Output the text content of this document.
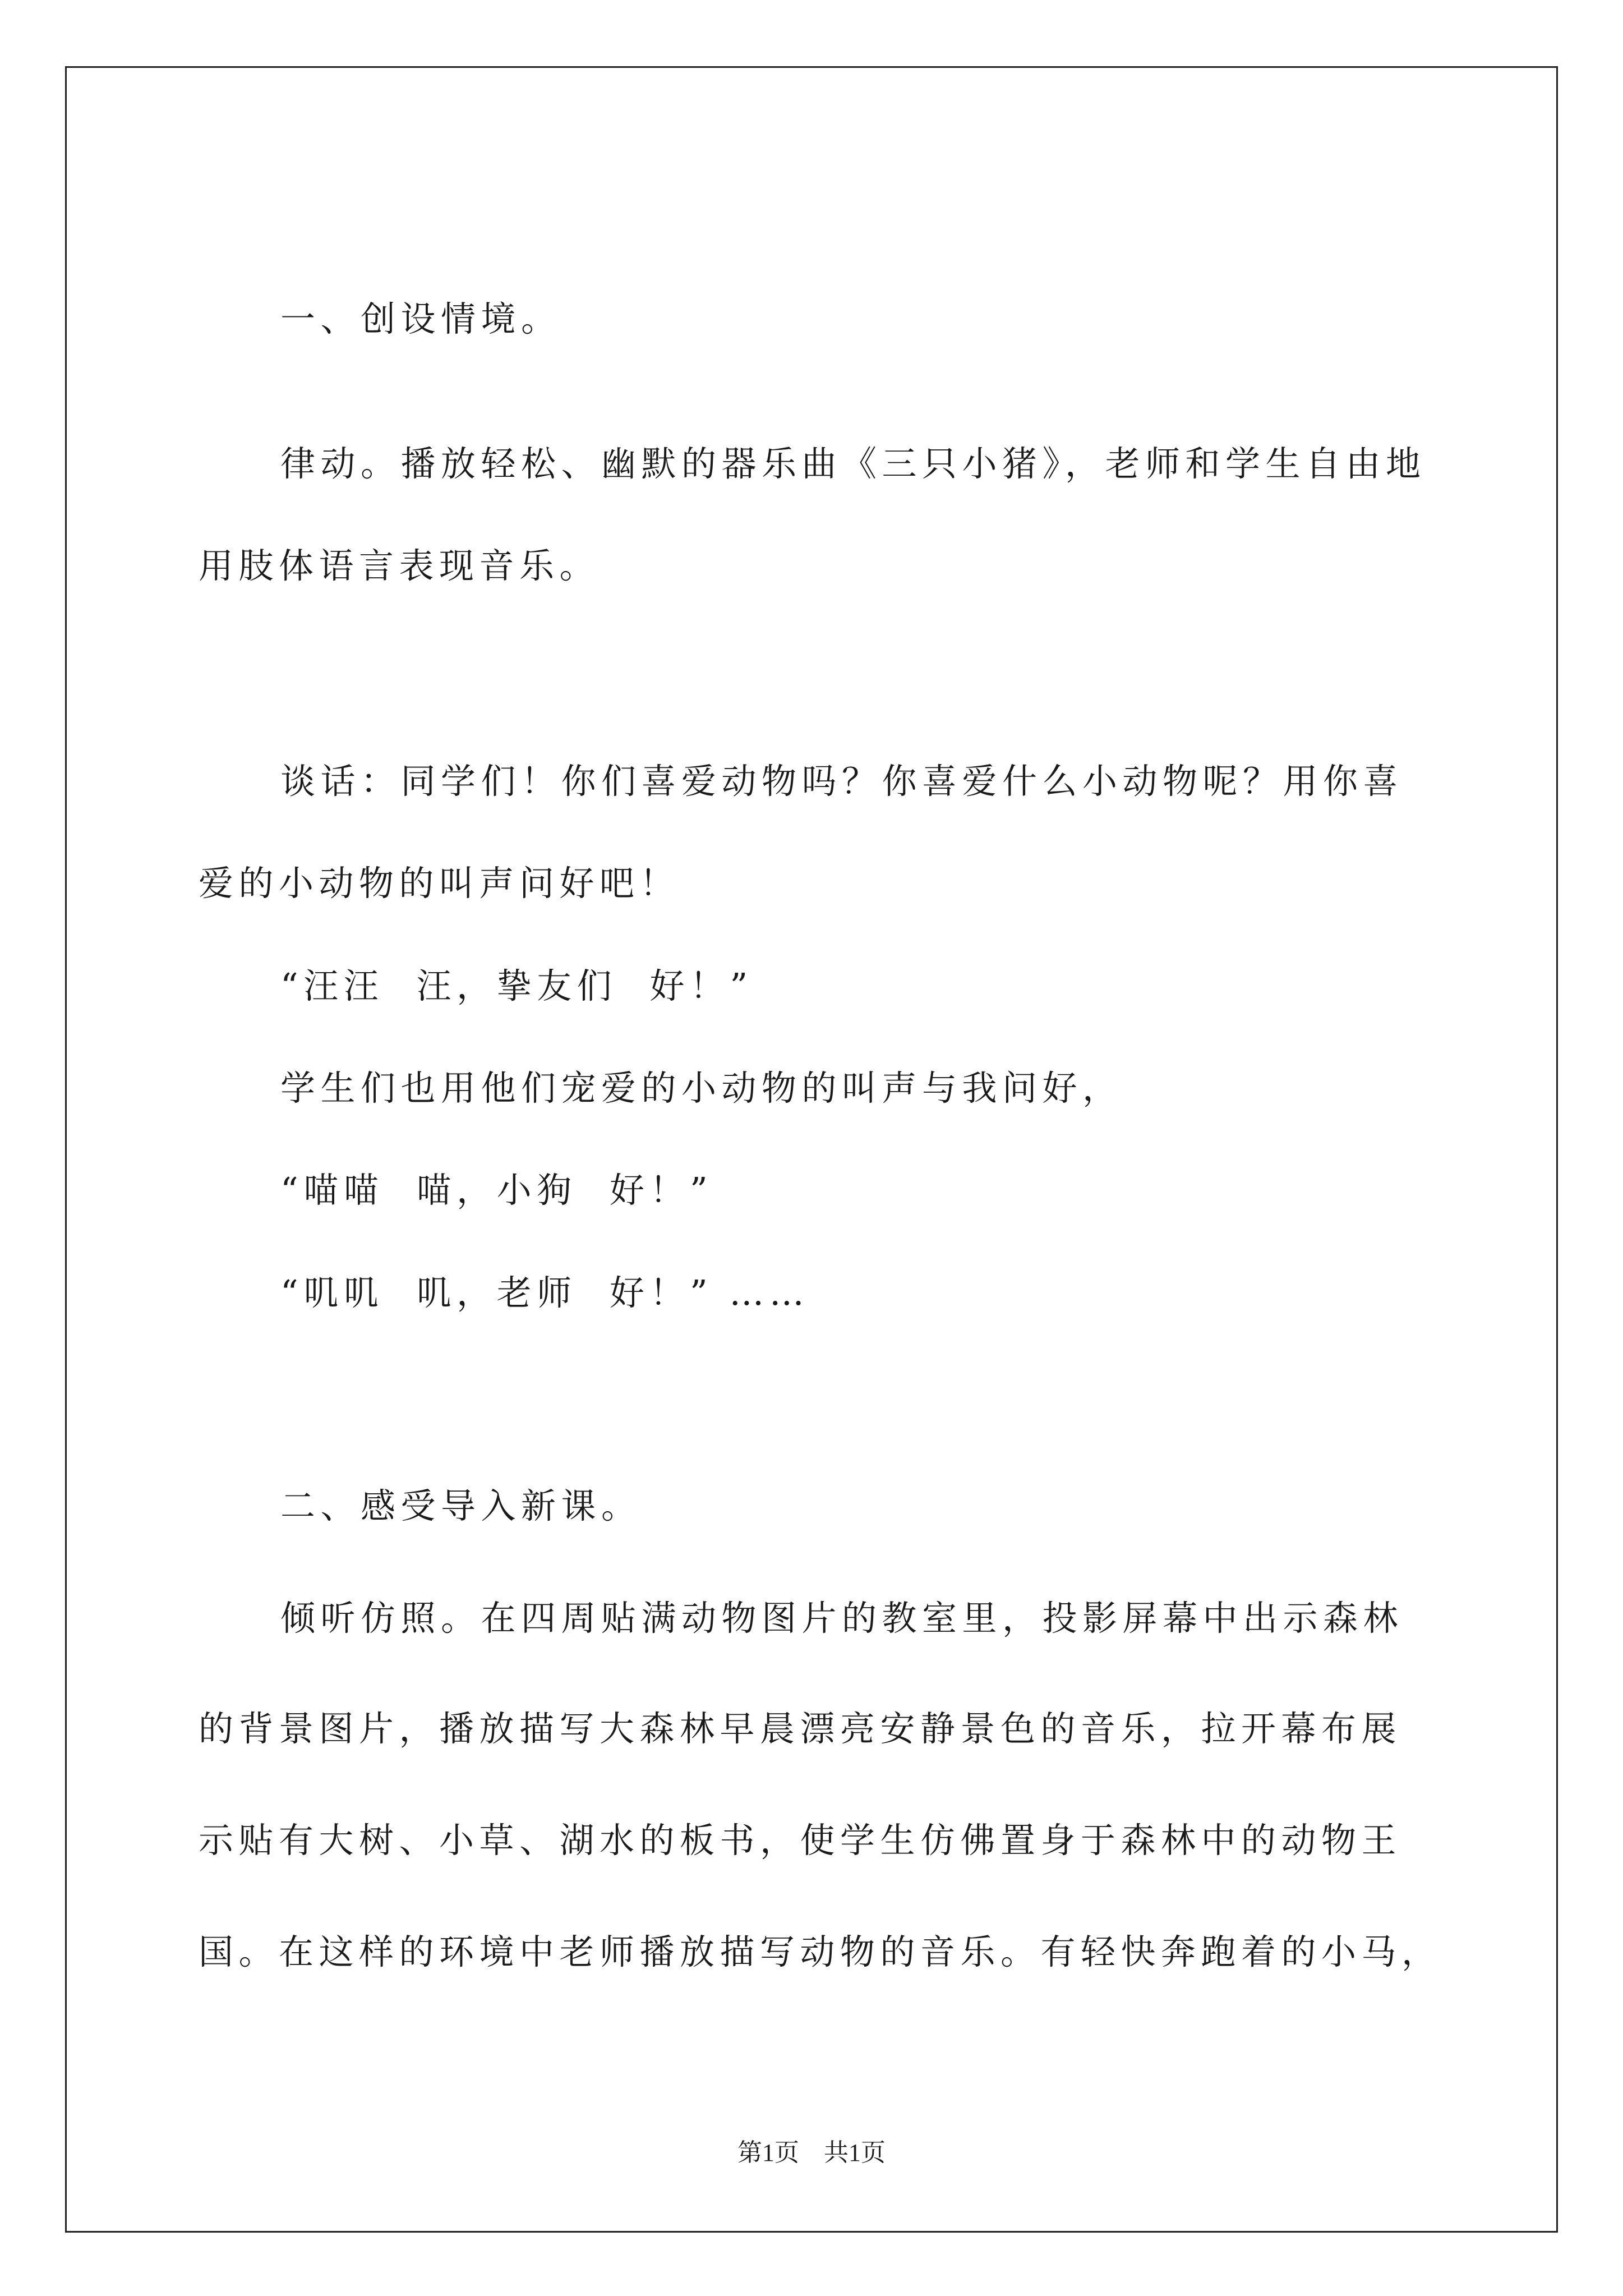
一、创设情境。
律动。播放轻松、幽默的器乐曲《三只小猪》，老师和学生自由地
用肢体语言表现音乐。
谈话：同学们！你们喜爱动物吗？你喜爱什么小动物呢？用你喜
爱的小动物的叫声问好吧！
“汪汪  汪，挚友们  好！”
学生们也用他们宠爱的小动物的叫声与我问好，
“喵喵  喵，小狗  好！”
“叽叽  叽，老师  好！” ……
二、感受导入新课。
倾听仿照。在四周贴满动物图片的教室里，投影屏幕中出示森林
的背景图片，播放描写大森林早晨漂亮安静景色的音乐，拉开幕布展
示贴有大树、小草、湖水的板书，使学生仿佛置身于森林中的动物王
国。在这样的环境中老师播放描写动物的音乐。有轻快奔跑着的小马，
第1页　共1页
